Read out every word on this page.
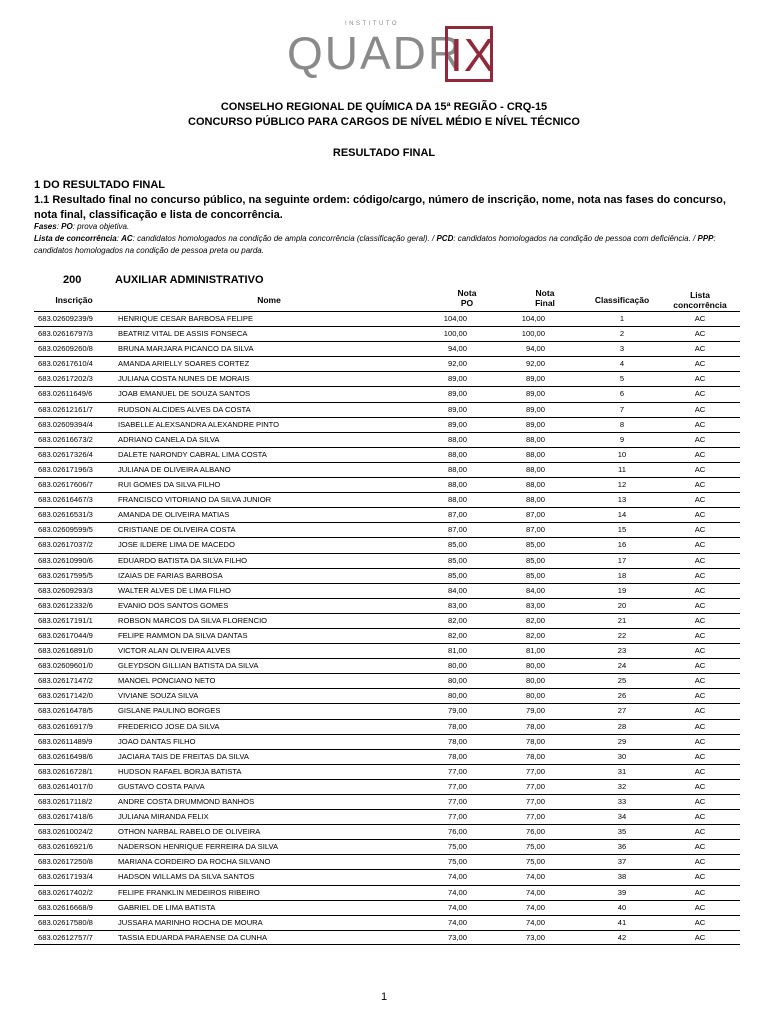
INSTITUTO
QUADR
IX
CONSELHO REGIONAL DE QUÍMICA DA 15ª REGIÃO - CRQ-15
CONCURSO PÚBLICO PARA CARGOS DE NÍVEL MÉDIO E NÍVEL TÉCNICO
RESULTADO FINAL
1 DO RESULTADO FINAL
1.1 Resultado final no concurso público, na seguinte ordem: código/cargo, número de inscrição, nome, nota nas fases do concurso, nota final, classificação e lista de concorrência.
Fases: PO: prova objetiva.
Lista de concorrência: AC: candidatos homologados na condição de ampla concorrência (classificação geral). / PCD: candidatos homologados na condição de pessoa com deficiência. / PPP: candidatos homologados na condição de pessoa preta ou parda.
200	AUXILIAR ADMINISTRATIVO
Inscrição	Nome
Nota
PO
Nota
Final	Classificação	Lista
concorrência
683.02609239/9	HENRIQUE CESAR BARBOSA FELIPE	104,00	104,00	1	AC
683.02616797/3	BEATRIZ VITAL DE ASSIS FONSECA	100,00	100,00	2	AC
683.02609260/8	BRUNA MARJARA PICANCO DA SILVA	94,00	94,00	3	AC
683.02617610/4	AMANDA ARIELLY SOARES CORTEZ	92,00	92,00	4	AC
683.02617202/3	JULIANA COSTA NUNES DE MORAIS	89,00	89,00	5	AC
683.02611649/6	JOAB EMANUEL DE SOUZA SANTOS	89,00	89,00	6	AC
683.02612161/7	RUDSON ALCIDES ALVES DA COSTA	89,00	89,00	7	AC
683.02609394/4	ISABELLE ALEXSANDRA ALEXANDRE PINTO	89,00	89,00	8	AC
683.02616673/2	ADRIANO CANELA DA SILVA	88,00	88,00	9	AC
683.02617326/4	DALETE NARONDY CABRAL LIMA COSTA	88,00	88,00	10	AC
683.02617196/3	JULIANA DE OLIVEIRA ALBANO	88,00	88,00	11	AC
683.02617606/7	RUI GOMES DA SILVA FILHO	88,00	88,00	12	AC
683.02616467/3	FRANCISCO VITORIANO DA SILVA JUNIOR	88,00	88,00	13	AC
683.02616531/3	AMANDA DE OLIVEIRA MATIAS	87,00	87,00	14	AC
683.02609599/5	CRISTIANE DE OLIVEIRA COSTA	87,00	87,00	15	AC
683.02617037/2	JOSE ILDERE LIMA DE MACEDO	85,00	85,00	16	AC
683.02610990/6	EDUARDO BATISTA DA SILVA FILHO	85,00	85,00	17	AC
683.02617595/5	IZAIAS DE FARIAS BARBOSA	85,00	85,00	18	AC
683.02609293/3	WALTER ALVES DE LIMA FILHO	84,00	84,00	19	AC
683.02612332/6	EVANIO DOS SANTOS GOMES	83,00	83,00	20	AC
683.02617191/1	ROBSON MARCOS DA SILVA FLORENCIO	82,00	82,00	21	AC
683.02617044/9	FELIPE RAMMON DA SILVA DANTAS	82,00	82,00	22	AC
683.02616891/0	VICTOR ALAN OLIVEIRA ALVES	81,00	81,00	23	AC
683.02609601/0	GLEYDSON GILLIAN BATISTA DA SILVA	80,00	80,00	24	AC
683.02617147/2	MANOEL PONCIANO NETO	80,00	80,00	25	AC
683.02617142/0	VIVIANE SOUZA SILVA	80,00	80,00	26	AC
683.02616478/5	GISLANE PAULINO BORGES	79,00	79,00	27	AC
683.02616917/9	FREDERICO JOSE DA SILVA	78,00	78,00	28	AC
683.02611489/9	JOAO DANTAS FILHO	78,00	78,00	29	AC
683.02616498/6	JACIARA TAIS DE FREITAS DA SILVA	78,00	78,00	30	AC
683.02616728/1	HUDSON RAFAEL BORJA BATISTA	77,00	77,00	31	AC
683.02614017/0	GUSTAVO COSTA PAIVA	77,00	77,00	32	AC
683.02617118/2	ANDRE COSTA DRUMMOND BANHOS	77,00	77,00	33	AC
683.02617418/6	JULIANA MIRANDA FELIX	77,00	77,00	34	AC
683.02610024/2	OTHON NARBAL RABELO DE OLIVEIRA	76,00	76,00	35	AC
683.02616921/6	NADERSON HENRIQUE FERREIRA DA SILVA	75,00	75,00	36	AC
683.02617250/8	MARIANA CORDEIRO DA ROCHA SILVANO	75,00	75,00	37	AC
683.02617193/4	HADSON WILLAMS DA SILVA SANTOS	74,00	74,00	38	AC
683.02617402/2	FELIPE FRANKLIN MEDEIROS RIBEIRO	74,00	74,00	39	AC
683.02616668/9	GABRIEL DE LIMA BATISTA	74,00	74,00	40	AC
683.02617580/8	JUSSARA MARINHO ROCHA DE MOURA	74,00	74,00	41	AC
683.02612757/7	TASSIA EDUARDA PARAENSE DA CUNHA	73,00	73,00	42	AC
1
